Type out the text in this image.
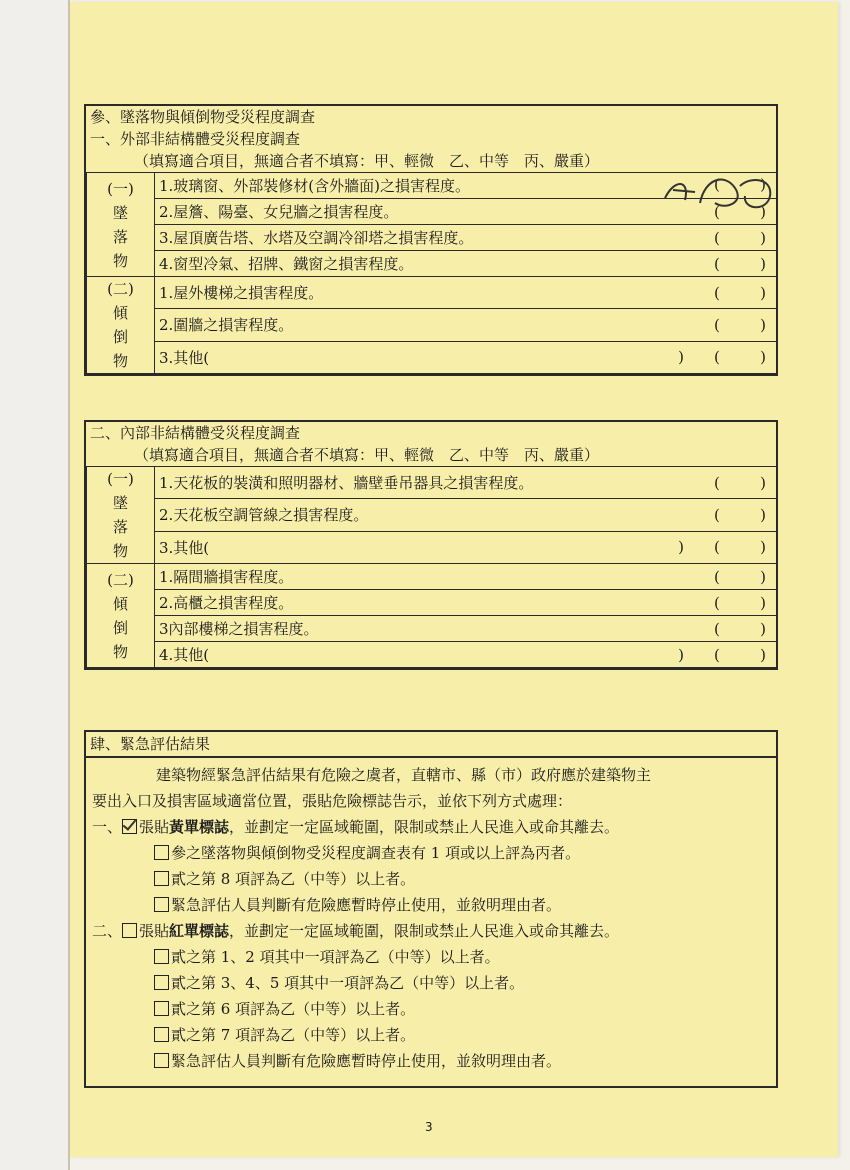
參、墜落物與傾倒物受災程度調查
一、外部非結構體受災程度調查
（填寫適合項目，無適合者不填寫：甲、輕微　乙、中等　丙、嚴重）
(一)
墜
落
物	1.玻璃窗、外部裝修材(含外牆面)之損害程度。 ( )

	2.屋簷、陽臺、女兒牆之損害程度。 ( )

	3.屋頂廣告塔、水塔及空調冷卻塔之損害程度。 ( )

	4.窗型冷氣、招牌、鐵窗之損害程度。 ( )

(二)
傾
倒
物	1.屋外樓梯之損害程度。 ( )

	2.圍牆之損害程度。 ( )

	3.其他( ) ( )
二、內部非結構體受災程度調查
（填寫適合項目，無適合者不填寫：甲、輕微　乙、中等　丙、嚴重）
(一)
墜
落
物	1.天花板的裝潢和照明器材、牆壁垂吊器具之損害程度。 ( )

	2.天花板空調管線之損害程度。 ( )

	3.其他( ) ( )

(二)
傾
倒
物	1.隔間牆損害程度。 ( )

	2.高櫃之損害程度。 ( )

	3內部樓梯之損害程度。 ( )

	4.其他( ) ( )
肆、緊急評估結果
建築物經緊急評估結果有危險之虞者，直轄市、縣（市）政府應於建築物主
要出入口及損害區域適當位置，張貼危險標誌告示，並依下列方式處理：
一、 張貼黃單標誌，並劃定一定區域範圍，限制或禁止人民進入或命其離去。
參之墜落物與傾倒物受災程度調查表有 1 項或以上評為丙者。
貳之第 8 項評為乙（中等）以上者。
緊急評估人員判斷有危險應暫時停止使用，並敘明理由者。
二、 張貼紅單標誌，並劃定一定區域範圍，限制或禁止人民進入或命其離去。
貳之第 1、2 項其中一項評為乙（中等）以上者。
貳之第 3、4、5 項其中一項評為乙（中等）以上者。
貳之第 6 項評為乙（中等）以上者。
貳之第 7 項評為乙（中等）以上者。
緊急評估人員判斷有危險應暫時停止使用，並敘明理由者。
3
